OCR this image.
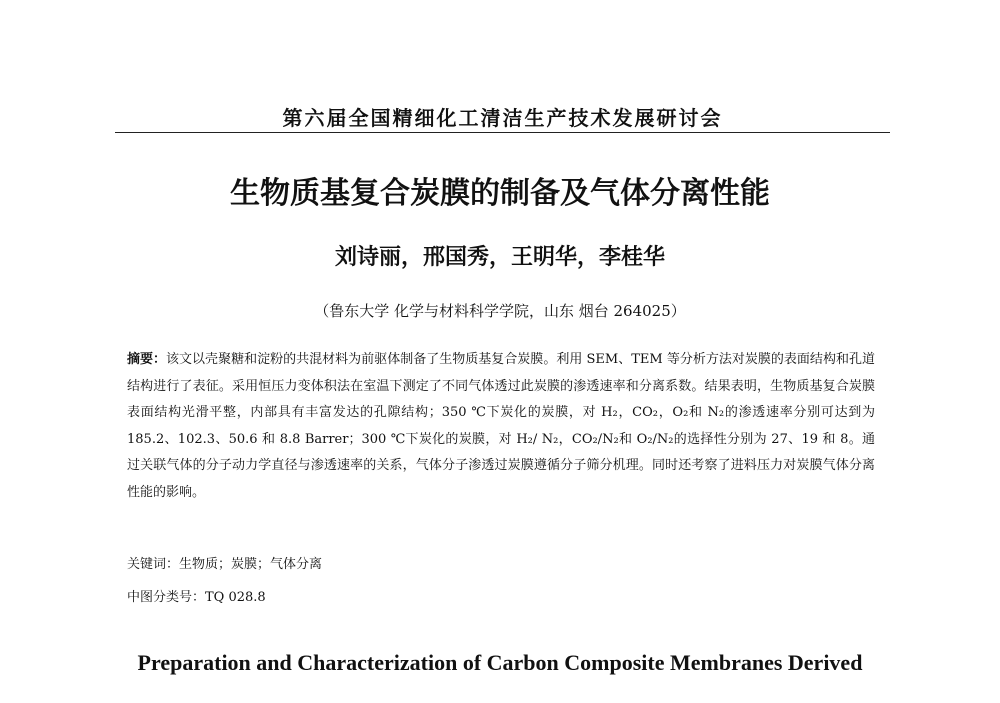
第六届全国精细化工清洁生产技术发展研讨会
生物质基复合炭膜的制备及气体分离性能
刘诗丽，邢国秀，王明华，李桂华
（鲁东大学 化学与材料科学学院，山东 烟台 264025）
摘要：该文以壳聚糖和淀粉的共混材料为前驱体制备了生物质基复合炭膜。利用 SEM、TEM 等分析方法对炭膜的表面结构和孔道结构进行了表征。采用恒压力变体积法在室温下测定了不同气体透过此炭膜的渗透速率和分离系数。结果表明，生物质基复合炭膜表面结构光滑平整，内部具有丰富发达的孔隙结构；350 ℃下炭化的炭膜，对 H₂，CO₂，O₂和 N₂的渗透速率分别可达到为 185.2、102.3、50.6 和 8.8 Barrer；300 ℃下炭化的炭膜，对 H₂/ N₂，CO₂/N₂和 O₂/N₂的选择性分别为 27、19 和 8。通过关联气体的分子动力学直径与渗透速率的关系，气体分子渗透过炭膜遵循分子筛分机理。同时还考察了进料压力对炭膜气体分离性能的影响。
关键词：生物质；炭膜；气体分离
中图分类号：TQ 028.8
Preparation and Characterization of Carbon Composite Membranes Derived
